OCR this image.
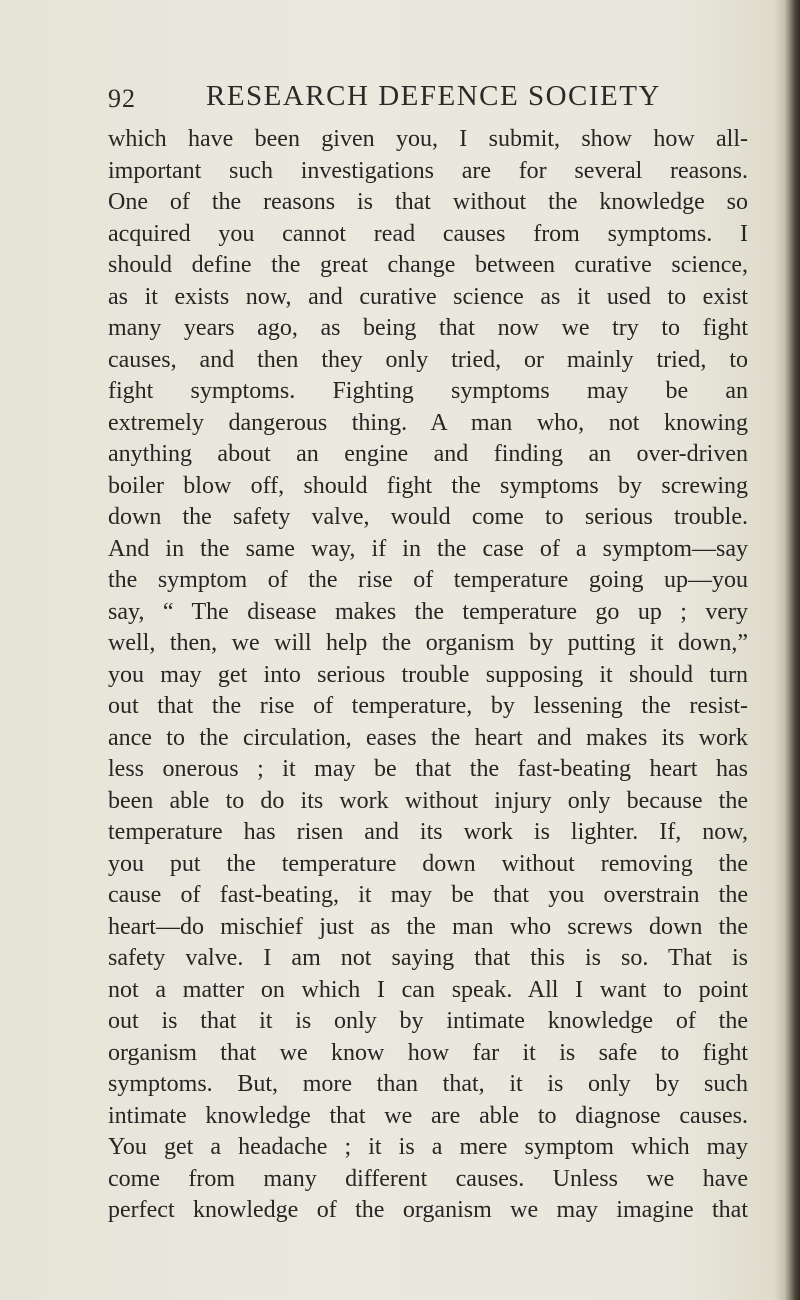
92 RESEARCH DEFENCE SOCIETY
which have been given you, I submit, show how all-
important such investigations are for several reasons.
One of the reasons is that without the knowledge so
acquired you cannot read causes from symptoms. I
should define the great change between curative science,
as it exists now, and curative science as it used to exist
many years ago, as being that now we try to fight
causes, and then they only tried, or mainly tried, to
fight symptoms. Fighting symptoms may be an
extremely dangerous thing. A man who, not knowing
anything about an engine and finding an over-driven
boiler blow off, should fight the symptoms by screwing
down the safety valve, would come to serious trouble.
And in the same way, if in the case of a symptom—say
the symptom of the rise of temperature going up—you
say, “ The disease makes the temperature go up ; very
well, then, we will help the organism by putting it down,”
you may get into serious trouble supposing it should turn
out that the rise of temperature, by lessening the resist-
ance to the circulation, eases the heart and makes its work
less onerous ; it may be that the fast-beating heart has
been able to do its work without injury only because the
temperature has risen and its work is lighter. If, now,
you put the temperature down without removing the
cause of fast-beating, it may be that you overstrain the
heart—do mischief just as the man who screws down the
safety valve. I am not saying that this is so. That is
not a matter on which I can speak. All I want to point
out is that it is only by intimate knowledge of the
organism that we know how far it is safe to fight
symptoms. But, more than that, it is only by such
intimate knowledge that we are able to diagnose causes.
You get a headache ; it is a mere symptom which may
come from many different causes. Unless we have
perfect knowledge of the organism we may imagine that
